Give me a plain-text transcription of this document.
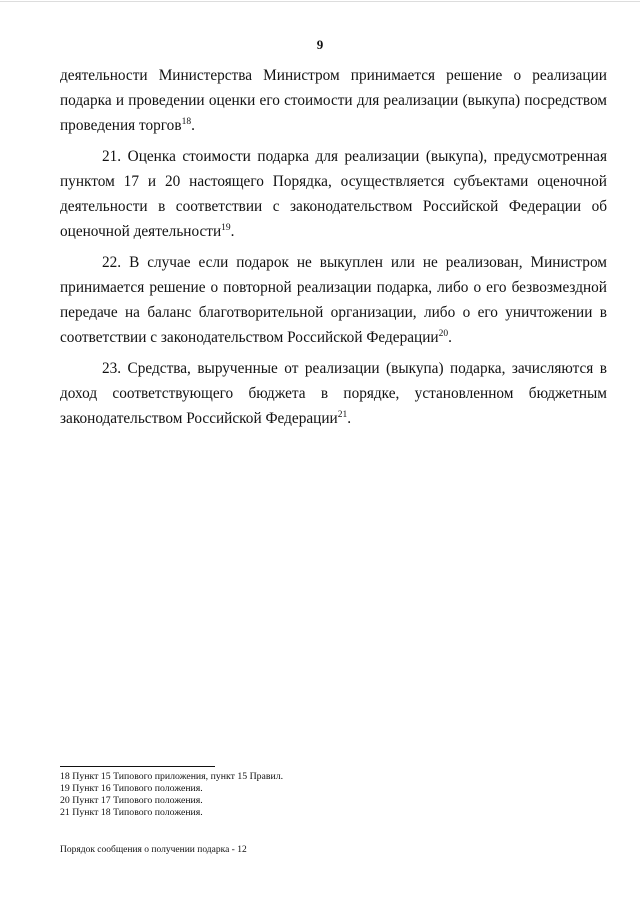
9

деятельности Министерства Министром принимается решение о реализации подарка и проведении оценки его стоимости для реализации (выкупа) посредством проведения торгов$^{18}$.

21. Оценка стоимости подарка для реализации (выкупа), предусмотренная пунктом 17 и 20 настоящего Порядка, осуществляется субъектами оценочной деятельности в соответствии с законодательством Российской Федерации об оценочной деятельности$^{19}$.

22. В случае если подарок не выкуплен или не реализован, Министром принимается решение о повторной реализации подарка, либо о его безвозмездной передаче на баланс благотворительной организации, либо о его уничтожении в соответствии с законодательством Российской Федерации$^{20}$.

23. Средства, вырученные от реализации (выкупа) подарка, зачисляются в доход соответствующего бюджета в порядке, установленном бюджетным законодательством Российской Федерации$^{21}$.

18 Пункт 15 Типового приложения, пункт 15 Правил.

19 Пункт 16 Типового положения.

20 Пункт 17 Типового положения.

21 Пункт 18 Типового положения.

Порядок сообщения о получении подарка - 12
